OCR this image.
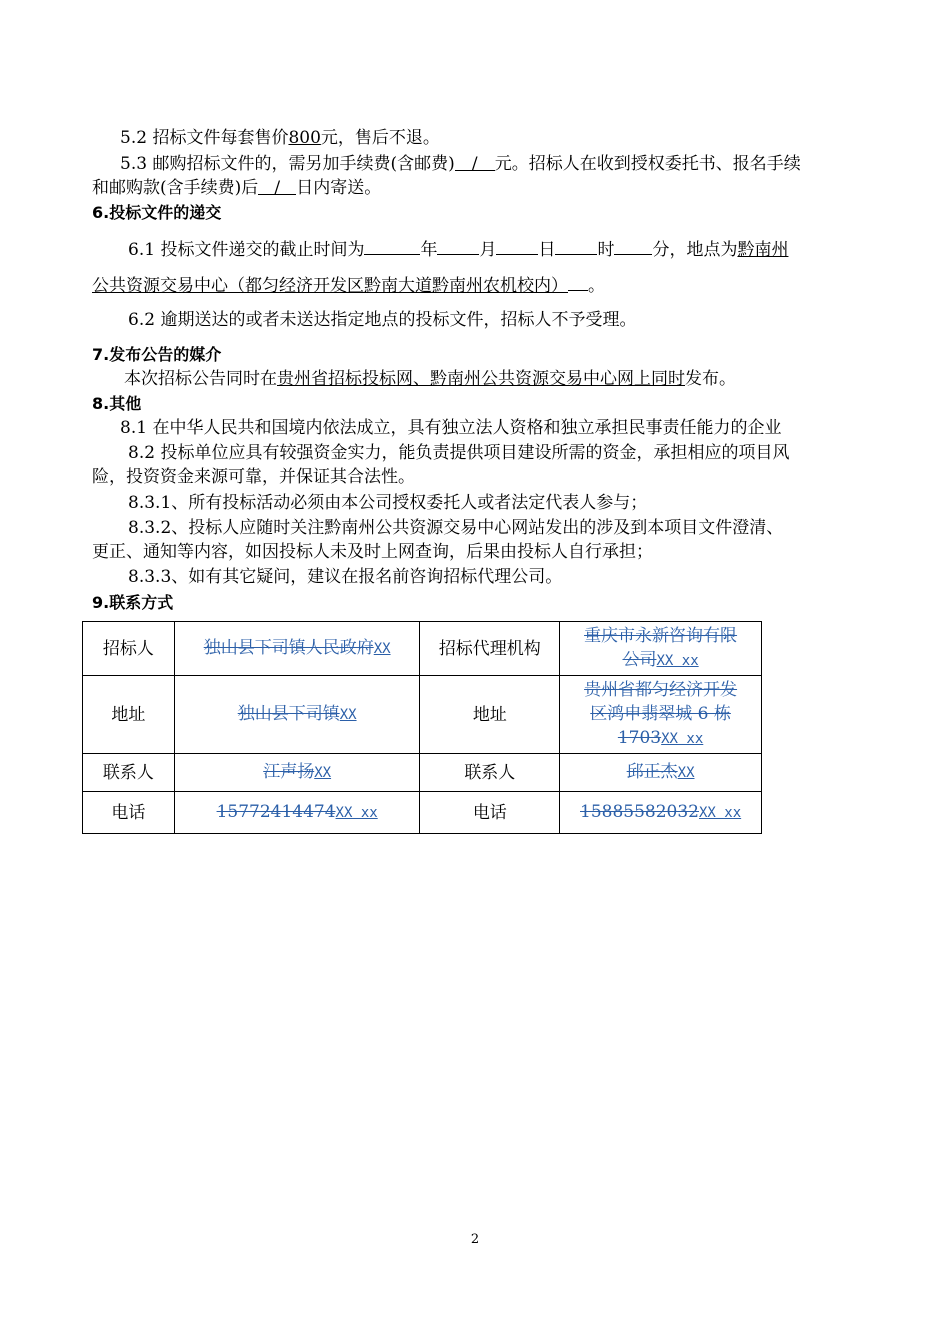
5.2 招标文件每套售价800元，售后不退。
5.3 邮购招标文件的，需另加手续费(含邮费) / 元。招标人在收到授权委托书、报名手续
和邮购款(含手续费)后 / 日内寄送。
6.投标文件的递交
6.1 投标文件递交的截止时间为	年 月 日 时 分，地点为黔南州
公共资源交易中心（都匀经济开发区黔南大道黔南州农机校内） 。
6.2 逾期送达的或者未送达指定地点的投标文件，招标人不予受理。
7.发布公告的媒介
本次招标公告同时在贵州省招标投标网、黔南州公共资源交易中心网上同时发布。
8.其他
8.1 在中华人民共和国境内依法成立，具有独立法人资格和独立承担民事责任能力的企业
8.2 投标单位应具有较强资金实力，能负责提供项目建设所需的资金，承担相应的项目风
险，投资资金来源可靠，并保证其合法性。
8.3.1、所有投标活动必须由本公司授权委托人或者法定代表人参与；
8.3.2、投标人应随时关注黔南州公共资源交易中心网站发出的涉及到本项目文件澄清、
更正、通知等内容，如因投标人未及时上网查询，后果由投标人自行承担；
8.3.3、如有其它疑问，建议在报名前咨询招标代理公司。
9.联系方式
招标人	独山县下司镇人民政府XX	招标代理机构	重庆市永新咨询有限
公司XX xx
地址	独山县下司镇XX	地址	贵州省都匀经济开发
区鸿申翡翠城 6 栋
1703XX xx
联系人	江声扬XX	联系人	邱正杰XX
电话	15772414474XX xx	电话	15885582032XX xx
2
